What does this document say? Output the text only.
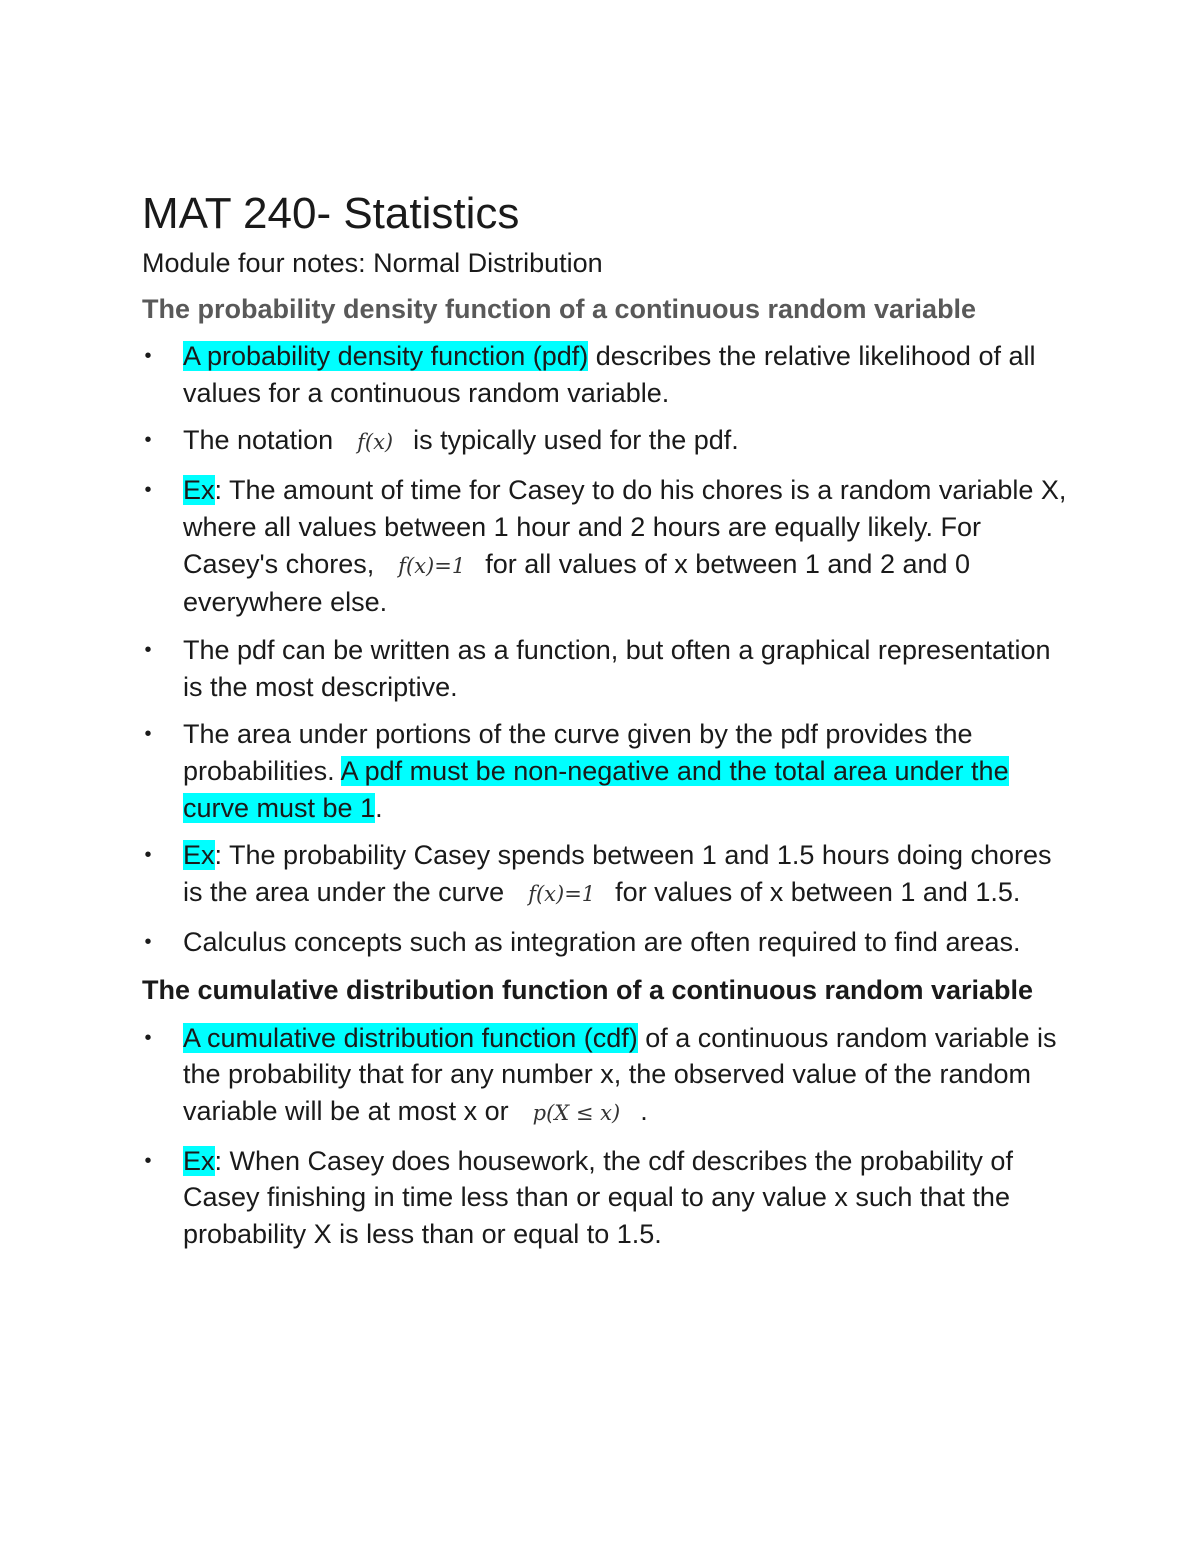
MAT 240- Statistics
Module four notes: Normal Distribution
The probability density function of a continuous random variable
• A probability density function (pdf) describes the relative likelihood of all values for a continuous random variable.
• The notation f(x) is typically used for the pdf.
• Ex: The amount of time for Casey to do his chores is a random variable X, where all values between 1 hour and 2 hours are equally likely. For Casey's chores, f(x)=1 for all values of x between 1 and 2 and 0 everywhere else.
• The pdf can be written as a function, but often a graphical representation is the most descriptive.
• The area under portions of the curve given by the pdf provides the probabilities. A pdf must be non-negative and the total area under the curve must be 1.
• Ex: The probability Casey spends between 1 and 1.5 hours doing chores is the area under the curve f(x)=1 for values of x between 1 and 1.5.
• Calculus concepts such as integration are often required to find areas.
The cumulative distribution function of a continuous random variable
• A cumulative distribution function (cdf) of a continuous random variable is the probability that for any number x, the observed value of the random variable will be at most x or p(X ≤ x) .
• Ex: When Casey does housework, the cdf describes the probability of Casey finishing in time less than or equal to any value x such that the probability X is less than or equal to 1.5.
